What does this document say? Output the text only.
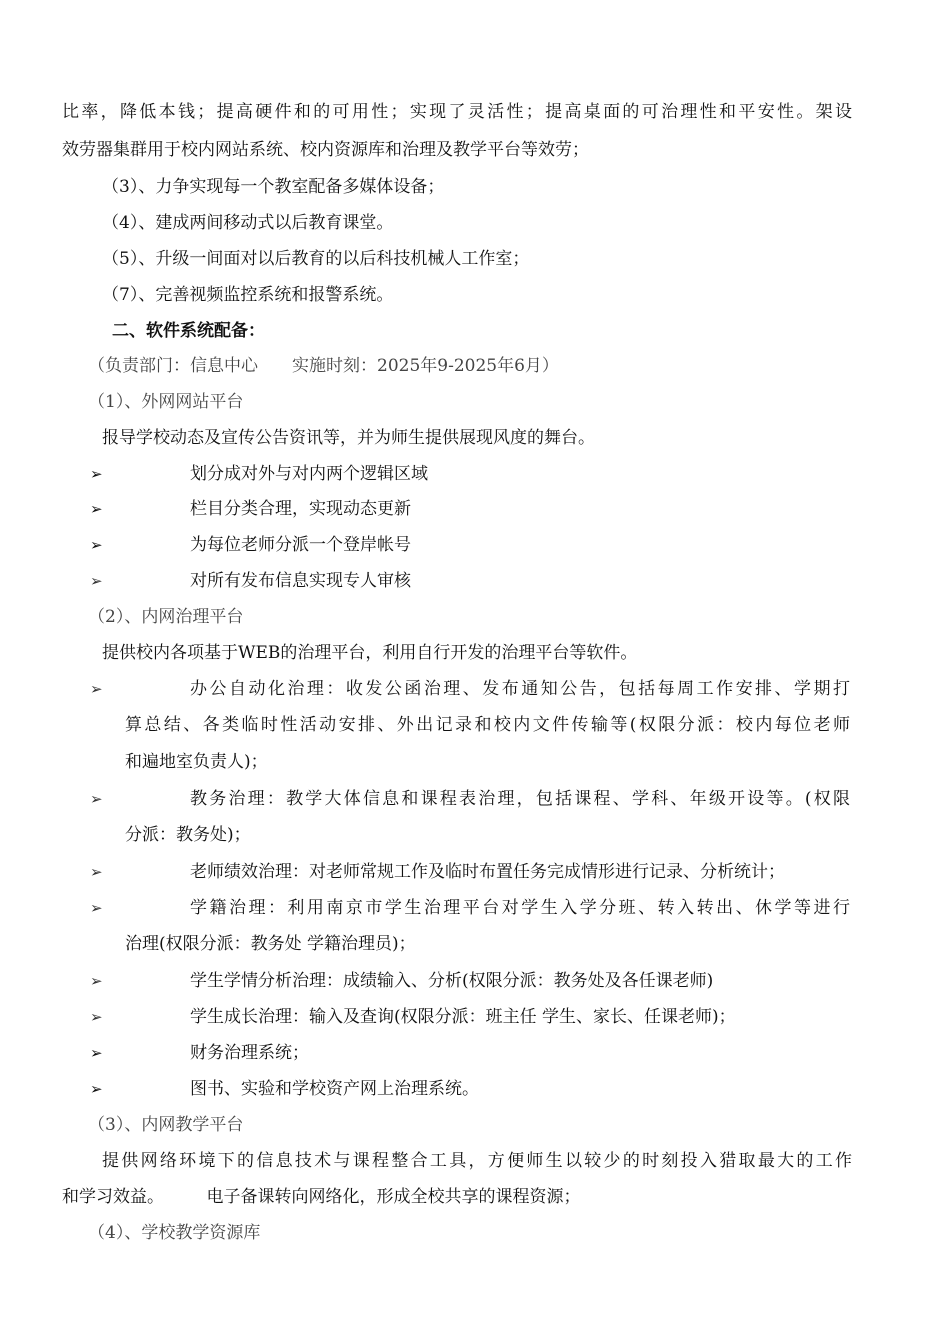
比率，降低本钱；提高硬件和的可用性；实现了灵活性；提高桌面的可治理性和平安性。架设
效劳器集群用于校内网站系统、校内资源库和治理及教学平台等效劳；
（3）、力争实现每一个教室配备多媒体设备；
（4）、建成两间移动式以后教育课堂。
（5）、升级一间面对以后教育的以后科技机械人工作室；
（7）、完善视频监控系统和报警系统。
二、软件系统配备：
（负责部门：信息中心　　实施时刻：2025年9-2025年6月）
（1）、外网网站平台
报导学校动态及宣传公告资讯等，并为师生提供展现风度的舞台。
➢	划分成对外与对内两个逻辑区域
➢	栏目分类合理，实现动态更新
➢	为每位老师分派一个登岸帐号
➢	对所有发布信息实现专人审核
（2）、内网治理平台
提供校内各项基于WEB的治理平台，利用自行开发的治理平台等软件。
➢	办公自动化治理：收发公函治理、发布通知公告，包括每周工作安排、学期打
算总结、各类临时性活动安排、外出记录和校内文件传输等(权限分派：校内每位老师
和遍地室负责人)；
➢	教务治理：教学大体信息和课程表治理，包括课程、学科、年级开设等。(权限
分派：教务处)；
➢	老师绩效治理：对老师常规工作及临时布置任务完成情形进行记录、分析统计；
➢	学籍治理：利用南京市学生治理平台对学生入学分班、转入转出、休学等进行
治理(权限分派：教务处 学籍治理员)；
➢	学生学情分析治理：成绩输入、分析(权限分派：教务处及各任课老师)
➢	学生成长治理：输入及查询(权限分派：班主任 学生、家长、任课老师)；
➢	财务治理系统；
➢	图书、实验和学校资产网上治理系统。
（3）、内网教学平台
提供网络环境下的信息技术与课程整合工具，方便师生以较少的时刻投入猎取最大的工作
和学习效益。　　　电子备课转向网络化，形成全校共享的课程资源；
（4）、学校教学资源库
